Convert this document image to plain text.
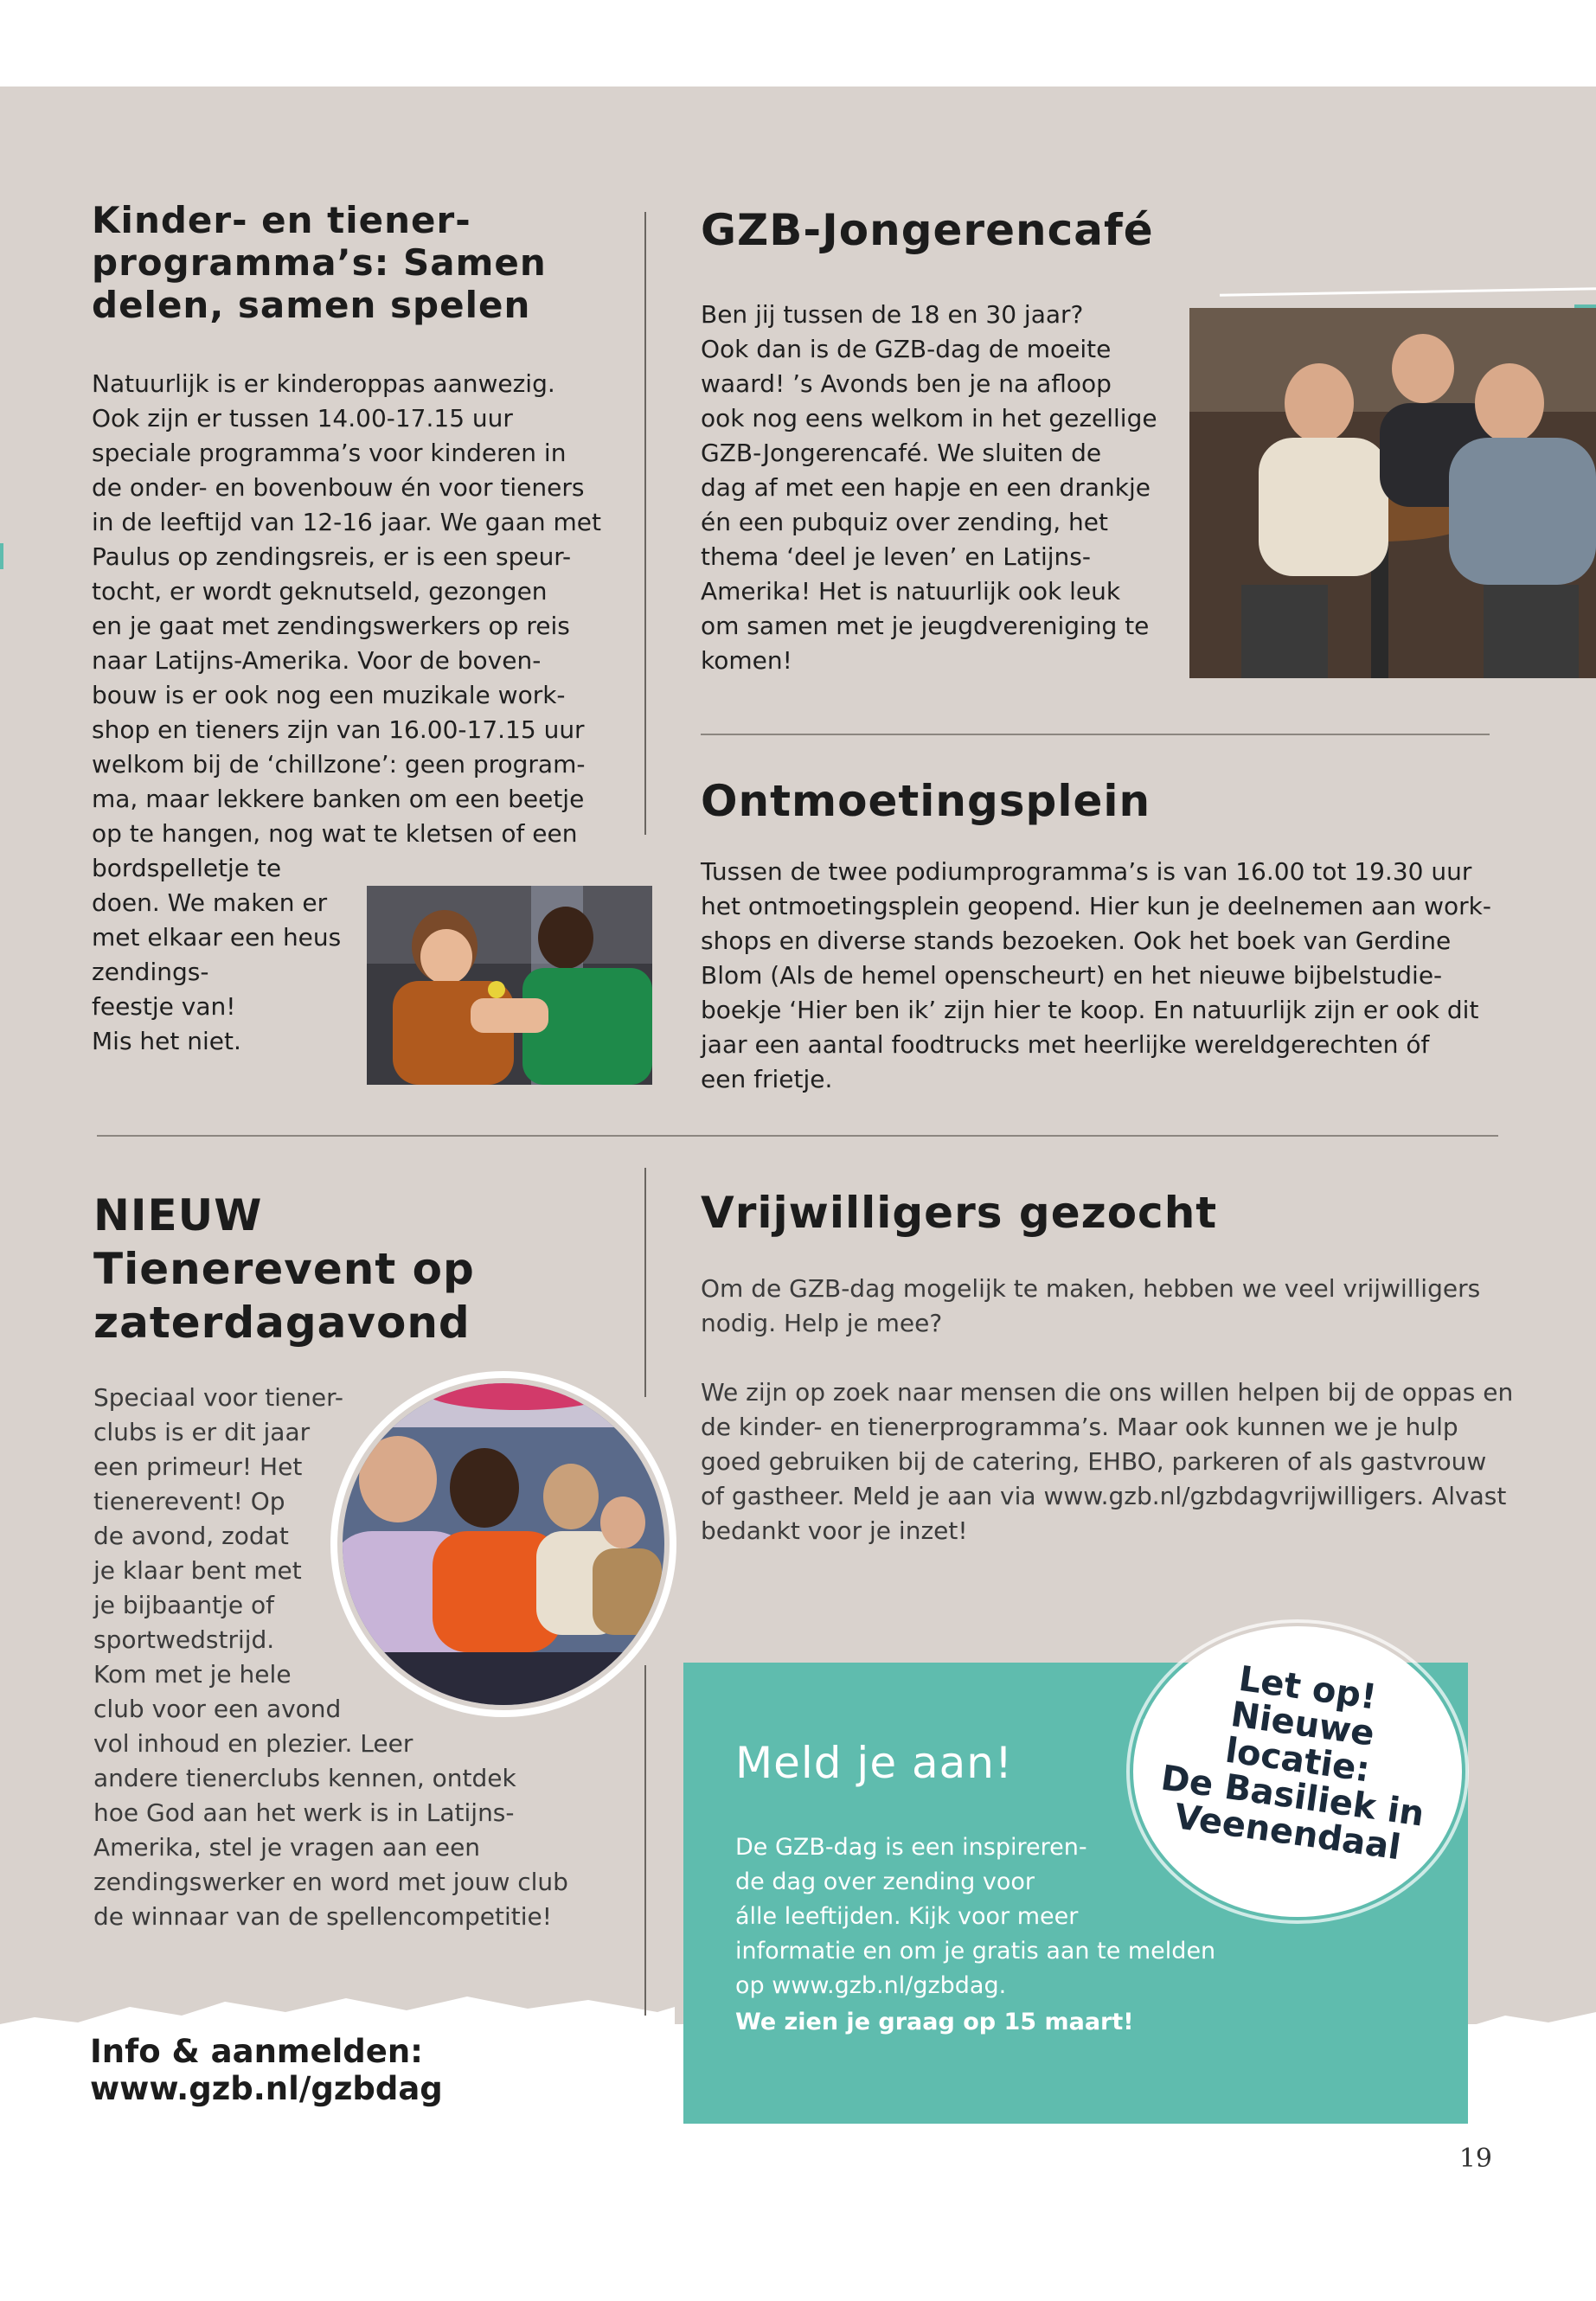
Kinder- en tiener-
programma’s: Samen
delen, samen spelen
Natuurlijk is er kinderoppas aanwezig.
Ook zijn er tussen 14.00-17.15 uur
speciale programma’s voor kinderen in
de onder- en bovenbouw én voor tieners
in de leeftijd van 12-16 jaar. We gaan met
Paulus op zendingsreis, er is een speur-
tocht, er wordt geknutseld, gezongen
en je gaat met zendingswerkers op reis
naar Latijns-Amerika. Voor de boven-
bouw is er ook nog een muzikale work-
shop en tieners zijn van 16.00-17.15 uur
welkom bij de ‘chillzone’: geen program-
ma, maar lekkere banken om een beetje
op te hangen, nog wat te kletsen of een
bordspelletje te
doen. We maken er
met elkaar een heus
zendings-
feestje van!
Mis het niet.
GZB-Jongerencafé
Ben jij tussen de 18 en 30 jaar?
Ook dan is de GZB-dag de moeite
waard! ’s Avonds ben je na afloop
ook nog eens welkom in het gezellige
GZB-Jongerencafé. We sluiten de
dag af met een hapje en een drankje
én een pubquiz over zending, het
thema ‘deel je leven’ en Latijns-
Amerika! Het is natuurlijk ook leuk
om samen met je jeugdvereniging te
komen!
Ontmoetingsplein
Tussen de twee podiumprogramma’s is van 16.00 tot 19.30 uur
het ontmoetingsplein geopend. Hier kun je deelnemen aan work-
shops en diverse stands bezoeken. Ook het boek van Gerdine
Blom (Als de hemel openscheurt) en het nieuwe bijbelstudie-
boekje ‘Hier ben ik’ zijn hier te koop. En natuurlijk zijn er ook dit
jaar een aantal foodtrucks met heerlijke wereldgerechten óf
een frietje.
NIEUW
Tienerevent op
zaterdagavond
Speciaal voor tiener-
clubs is er dit jaar
een primeur! Het
tienerevent! Op
de avond, zodat
je klaar bent met
je bijbaantje of
sportwedstrijd.
Kom met je hele
club voor een avond
vol inhoud en plezier. Leer
andere tienerclubs kennen, ontdek
hoe God aan het werk is in Latijns-
Amerika, stel je vragen aan een
zendingswerker en word met jouw club
de winnaar van de spellencompetitie!
Vrijwilligers gezocht
Om de GZB-dag mogelijk te maken, hebben we veel vrijwilligers
nodig. Help je mee?
We zijn op zoek naar mensen die ons willen helpen bij de oppas en
de kinder- en tienerprogramma’s. Maar ook kunnen we je hulp
goed gebruiken bij de catering, EHBO, parkeren of als gastvrouw
of gastheer. Meld je aan via www.gzb.nl/gzbdagvrijwilligers. Alvast
bedankt voor je inzet!
Meld je aan!
De GZB-dag is een inspireren-
de dag over zending voor
álle leeftijden. Kijk voor meer
informatie en om je gratis aan te melden
op www.gzb.nl/gzbdag.
We zien je graag op 15 maart!
Let op!
Nieuwe
locatie:
De Basiliek in
Veenendaal
Info & aanmelden:
www.gzb.nl/gzbdag
19
